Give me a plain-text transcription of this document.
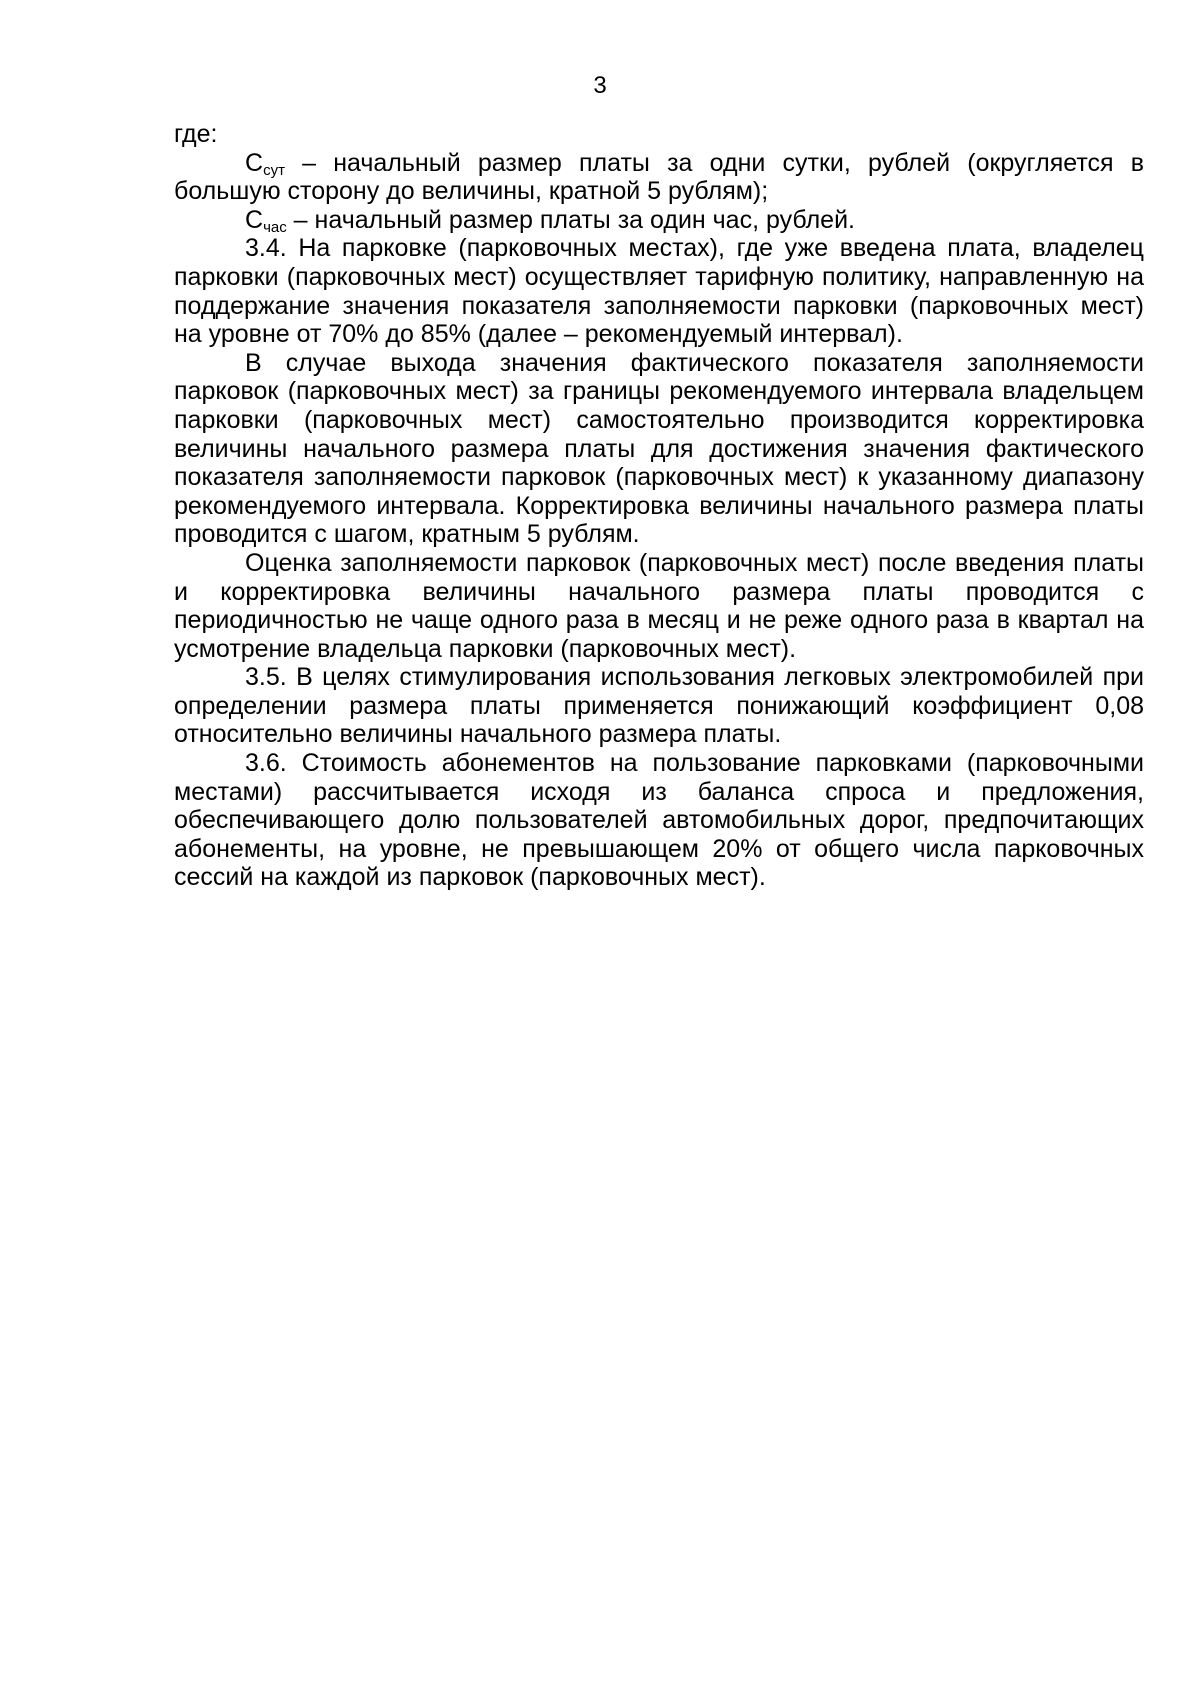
3

где:

$С_{сут}$ – начальный размер платы за одни сутки, рублей (округляется в большую сторону до величины, кратной 5 рублям);

$С_{час}$ – начальный размер платы за один час, рублей.

3.4. На парковке (парковочных местах), где уже введена плата, владелец парковки (парковочных мест) осуществляет тарифную политику, направленную на поддержание значения показателя заполняемости парковки (парковочных мест) на уровне от 70% до 85% (далее – рекомендуемый интервал).

В случае выхода значения фактического показателя заполняемости парковок (парковочных мест) за границы рекомендуемого интервала владельцем парковки (парковочных мест) самостоятельно производится корректировка величины начального размера платы для достижения значения фактического показателя заполняемости парковок (парковочных мест) к указанному диапазону рекомендуемого интервала. Корректировка величины начального размера платы проводится с шагом, кратным 5 рублям.

Оценка заполняемости парковок (парковочных мест) после введения платы и корректировка величины начального размера платы проводится с периодичностью не чаще одного раза в месяц и не реже одного раза в квартал на усмотрение владельца парковки (парковочных мест).

3.5. В целях стимулирования использования легковых электромобилей при определении размера платы применяется понижающий коэффициент 0,08 относительно величины начального размера платы.

3.6. Стоимость абонементов на пользование парковками (парковочными местами) рассчитывается исходя из баланса спроса и предложения, обеспечивающего долю пользователей автомобильных дорог, предпочитающих абонементы, на уровне, не превышающем 20% от общего числа парковочных сессий на каждой из парковок (парковочных мест).
